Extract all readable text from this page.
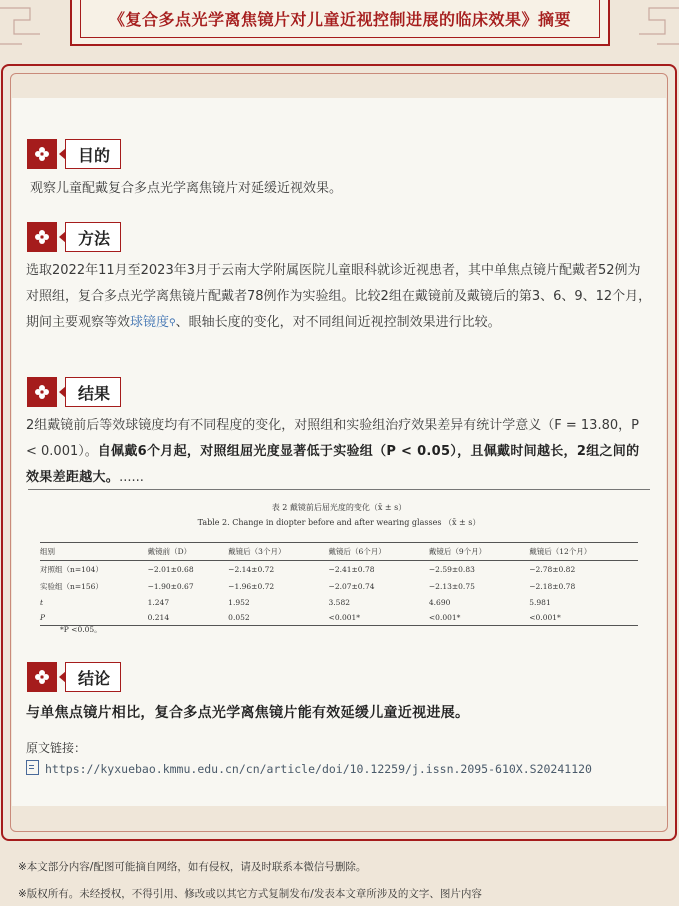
《复合多点光学离焦镜片对儿童近视控制进展的临床效果》摘要
目的
观察儿童配戴复合多点光学离焦镜片对延缓近视效果。
方法
选取2022年11月至2023年3月于云南大学附属医院儿童眼科就诊近视患者，其中单焦点镜片配戴者52例为对照组，复合多点光学离焦镜片配戴者78例作为实验组。比较2组在戴镜前及戴镜后的第3、6、9、12个月，期间主要观察等效球镜度⚲、眼轴长度的变化，对不同组间近视控制效果进行比较。
结果
2组戴镜前后等效球镜度均有不同程度的变化，对照组和实验组治疗效果差异有统计学意义（F = 13.80，P < 0.001）。自佩戴6个月起，对照组屈光度显著低于实验组（P < 0.05），且佩戴时间越长，2组之间的效果差距越大。......
表 2 戴镜前后屈光度的变化（x̄ ± s）
Table 2. Change in diopter before and after wearing glasses （x̄ ± s）
组别	戴镜前（D）	戴镜后（3个月）	戴镜后（6个月）	戴镜后（9个月）	戴镜后（12个月）
对照组（n=104）	−2.01±0.68	−2.14±0.72	−2.41±0.78	−2.59±0.83	−2.78±0.82
实验组（n=156）	−1.90±0.67	−1.96±0.72	−2.07±0.74	−2.13±0.75	−2.18±0.78
t	1.247	1.952	3.582	4.690	5.981
P	0.214	0.052	<0.001*	<0.001*	<0.001*
*P <0.05。
结论
与单焦点镜片相比，复合多点光学离焦镜片能有效延缓儿童近视进展。
原文链接：
https://kyxuebao.kmmu.edu.cn/cn/article/doi/10.12259/j.issn.2095-610X.S20241120
※本文部分内容/配图可能摘自网络，如有侵权，请及时联系本微信号删除。
※版权所有。未经授权，不得引用、修改或以其它方式复制发布/发表本文章所涉及的文字、图片内容
